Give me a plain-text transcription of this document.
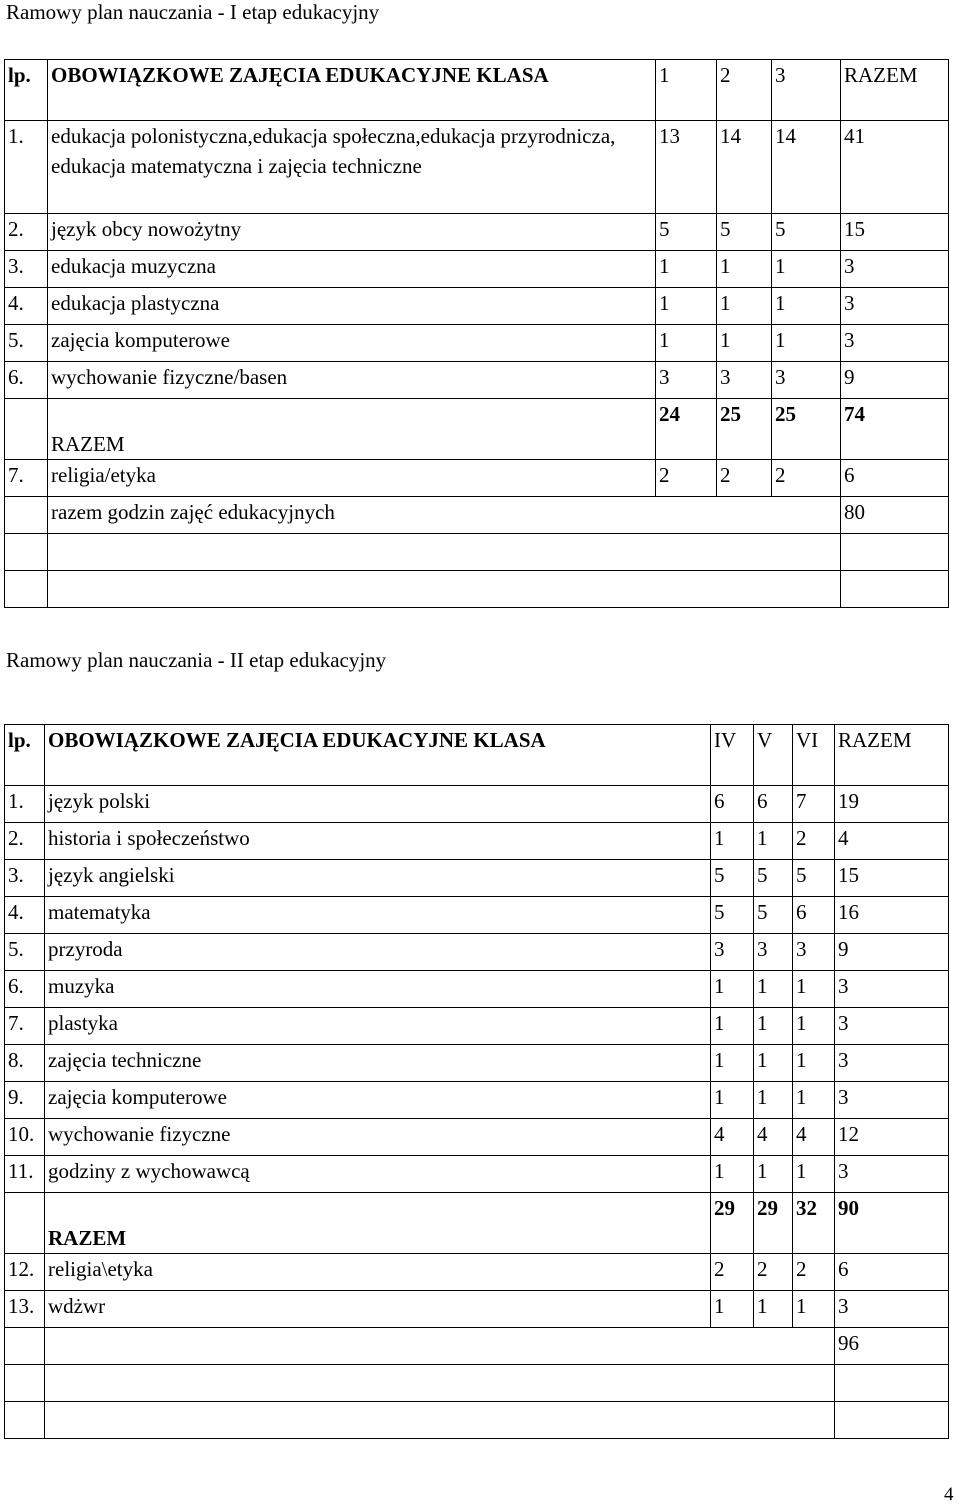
Ramowy plan nauczania - I etap edukacyjny
lp.	OBOWIĄZKOWE ZAJĘCIA EDUKACYJNE KLASA	1	2	3	RAZEM
1.	edukacja polonistyczna,edukacja społeczna,edukacja przyrodnicza,
edukacja matematyczna i zajęcia techniczne	13	14	14	41
2.	język obcy nowożytny	5	5	5	15
3.	edukacja muzyczna	1	1	1	3
4.	edukacja plastyczna	1	1	1	3
5.	zajęcia komputerowe	1	1	1	3
6.	wychowanie fizyczne/basen	3	3	3	9
	RAZEM	24	25	25	74
7.	religia/etyka	2	2	2	6
	razem godzin zajęć edukacyjnych				80

Ramowy plan nauczania - II etap edukacyjny
lp.	OBOWIĄZKOWE ZAJĘCIA EDUKACYJNE KLASA	IV	V	VI	RAZEM
1.	język polski	6	6	7	19
2.	historia i społeczeństwo	1	1	2	4
3.	język angielski	5	5	5	15
4.	matematyka	5	5	6	16
5.	przyroda	3	3	3	9
6.	muzyka	1	1	1	3
7.	plastyka	1	1	1	3
8.	zajęcia techniczne	1	1	1	3
9.	zajęcia komputerowe	1	1	1	3
10.	wychowanie fizyczne	4	4	4	12
11.	godziny z wychowawcą	1	1	1	3
	RAZEM	29	29	32	90
12.	religia\etyka	2	2	2	6
13.	wdżwr	1	1	1	3
					96

4
